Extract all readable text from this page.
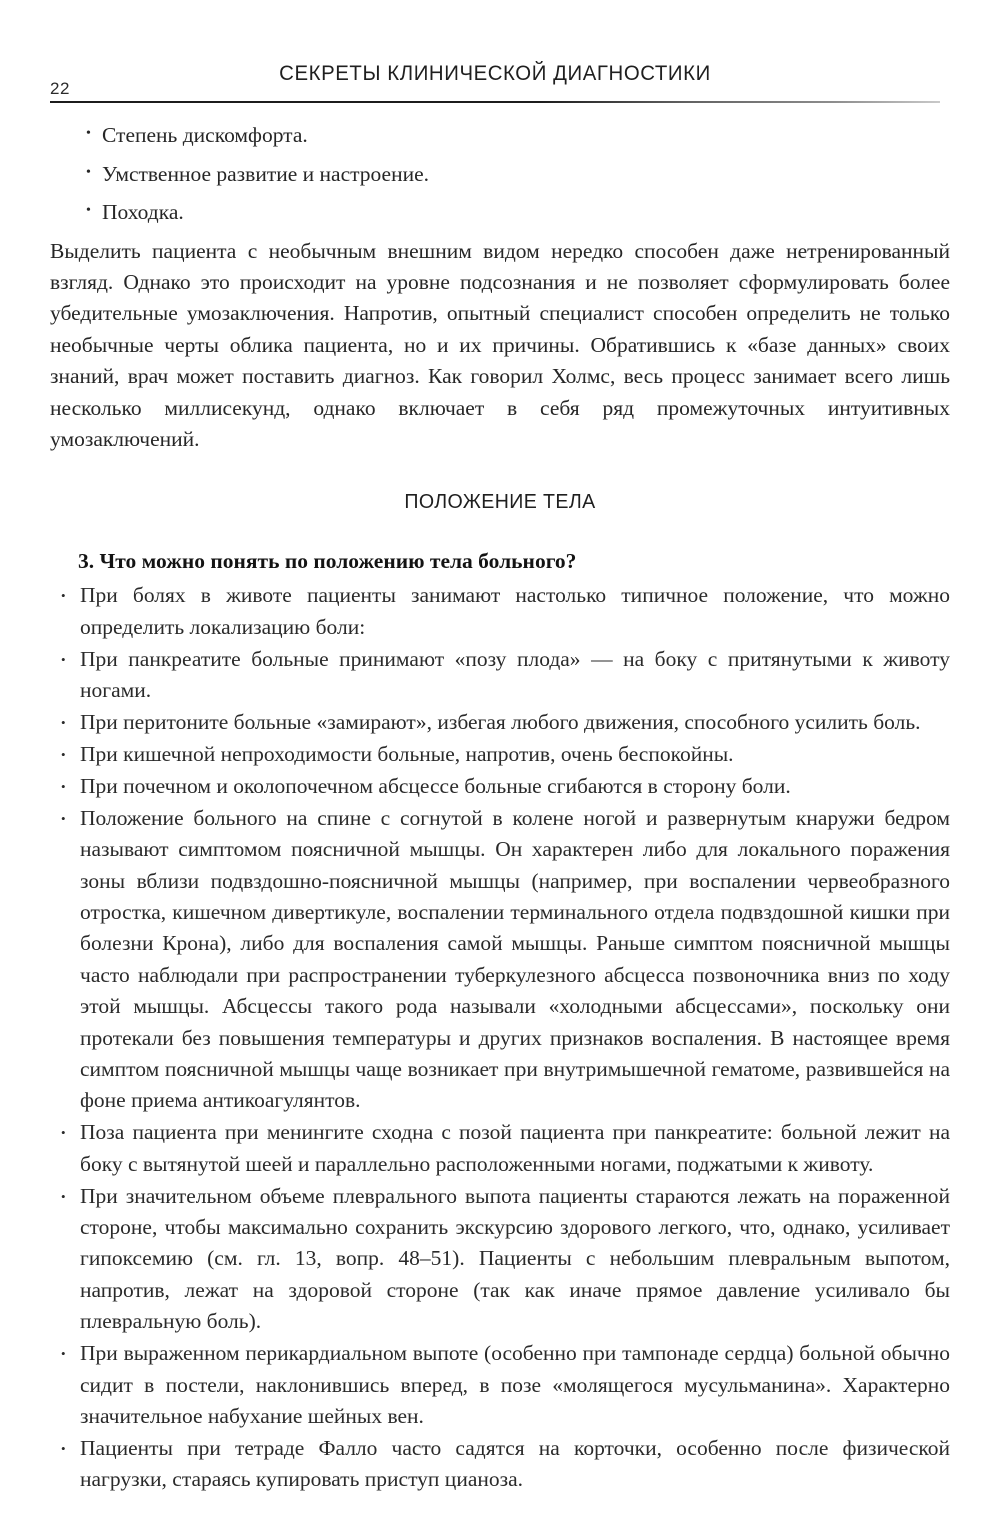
22
СЕКРЕТЫ КЛИНИЧЕСКОЙ ДИАГНОСТИКИ
• Степень дискомфорта.
• Умственное развитие и настроение.
• Походка.

Выделить пациента с необычным внешним видом нередко способен даже нетренированный взгляд. Однако это происходит на уровне подсознания и не позволяет сформулировать более убедительные умозаключения. Напротив, опытный специалист способен определить не только необычные черты облика пациента, но и их причины. Обратившись к «базе данных» своих знаний, врач может поставить диагноз. Как говорил Холмс, весь процесс занимает всего лишь несколько миллисекунд, однако включает в себя ряд промежуточных интуитивных умозаключений.

ПОЛОЖЕНИЕ ТЕЛА

3. Что можно понять по положению тела больного?

• При болях в животе пациенты занимают настолько типичное положение, что можно определить локализацию боли:
• При панкреатите больные принимают «позу плода» — на боку с притянутыми к животу ногами.
• При перитоните больные «замирают», избегая любого движения, способного усилить боль.
• При кишечной непроходимости больные, напротив, очень беспокойны.
• При почечном и околопочечном абсцессе больные сгибаются в сторону боли.
• Положение больного на спине с согнутой в колене ногой и развернутым кнаружи бедром называют симптомом поясничной мышцы. Он характерен либо для локального поражения зоны вблизи подвздошно-поясничной мышцы (например, при воспалении червеобразного отростка, кишечном дивертикуле, воспалении терминального отдела подвздошной кишки при болезни Крона), либо для воспаления самой мышцы. Раньше симптом поясничной мышцы часто наблюдали при распространении туберкулезного абсцесса позвоночника вниз по ходу этой мышцы. Абсцессы такого рода называли «холодными абсцессами», поскольку они протекали без повышения температуры и других признаков воспаления. В настоящее время симптом поясничной мышцы чаще возникает при внутримышечной гематоме, развившейся на фоне приема антикоагулянтов.
• Поза пациента при менингите сходна с позой пациента при панкреатите: больной лежит на боку с вытянутой шеей и параллельно расположенными ногами, поджатыми к животу.
• При значительном объеме плеврального выпота пациенты стараются лежать на пораженной стороне, чтобы максимально сохранить экскурсию здорового легкого, что, однако, усиливает гипоксемию (см. гл. 13, вопр. 48–51). Пациенты с небольшим плевральным выпотом, напротив, лежат на здоровой стороне (так как иначе прямое давление усиливало бы плевральную боль).
• При выраженном перикардиальном выпоте (особенно при тампонаде сердца) больной обычно сидит в постели, наклонившись вперед, в позе «молящегося мусульманина». Характерно значительное набухание шейных вен.
• Пациенты при тетраде Фалло часто садятся на корточки, особенно после физической нагрузки, стараясь купировать приступ цианоза.
